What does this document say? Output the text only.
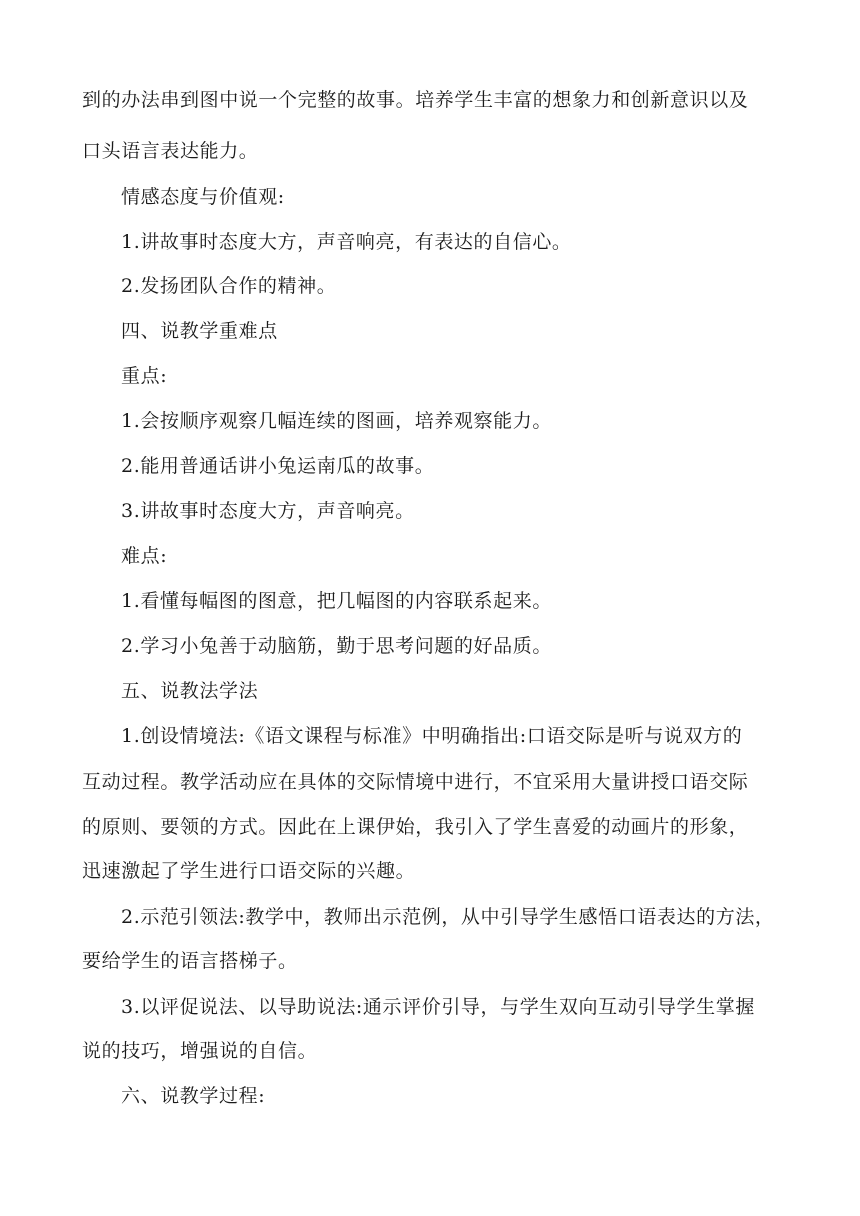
到的办法串到图中说一个完整的故事。培养学生丰富的想象力和创新意识以及
口头语言表达能力。
情感态度与价值观:
1.讲故事时态度大方，声音响亮，有表达的自信心。
2.发扬团队合作的精神。
四、说教学重难点
重点:
1.会按顺序观察几幅连续的图画，培养观察能力。
2.能用普通话讲小兔运南瓜的故事。
3.讲故事时态度大方，声音响亮。
难点:
1.看懂每幅图的图意，把几幅图的内容联系起来。
2.学习小兔善于动脑筋，勤于思考问题的好品质。
五、说教法学法
1.创设情境法:《语文课程与标准》中明确指出:口语交际是听与说双方的
互动过程。教学活动应在具体的交际情境中进行，不宜采用大量讲授口语交际
的原则、要领的方式。因此在上课伊始，我引入了学生喜爱的动画片的形象，
迅速激起了学生进行口语交际的兴趣。
2.示范引领法:教学中，教师出示范例，从中引导学生感悟口语表达的方法，
要给学生的语言搭梯子。
3.以评促说法、以导助说法:通示评价引导，与学生双向互动引导学生掌握
说的技巧，增强说的自信。
六、说教学过程:
